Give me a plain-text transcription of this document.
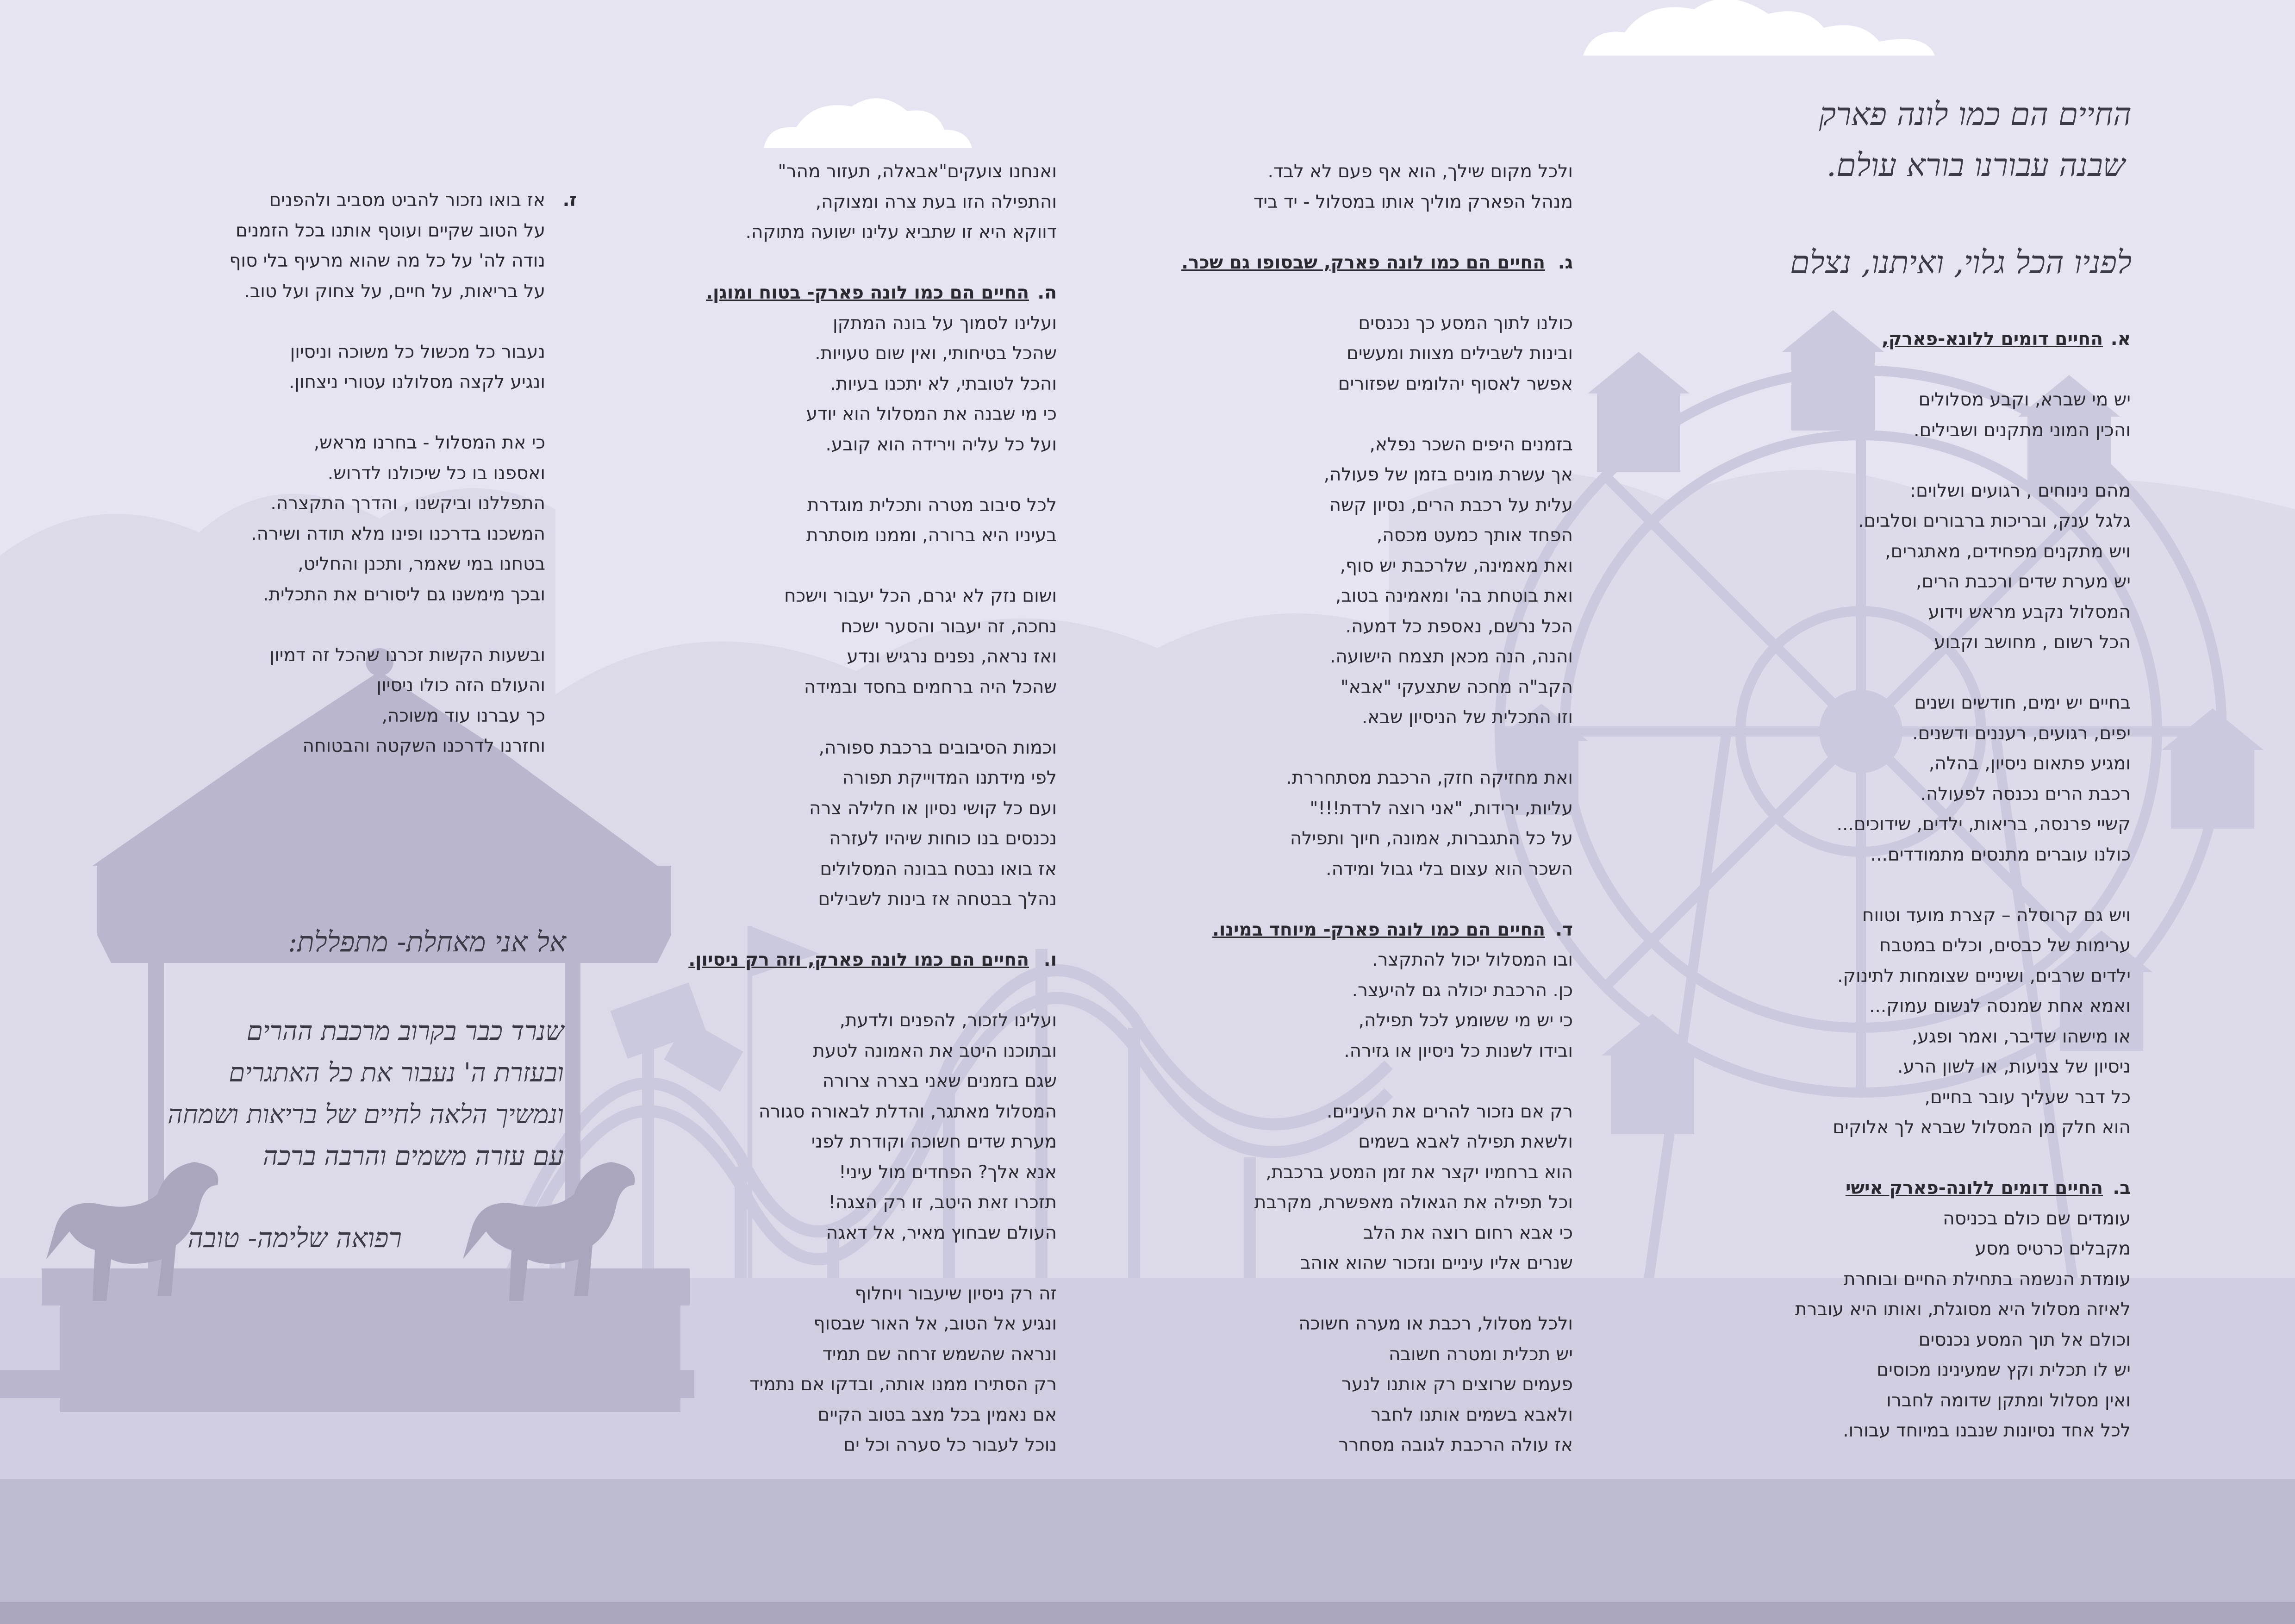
החיים הם כמו לונה פארק
שבנה עבורנו בורא עולם.
לפניו הכל גלוי, ואיתנו, נצלם
א.החיים דומים ללונא-פארק,
יש מי שברא, וקבע מסלולים
והכין המוני מתקנים ושבילים.
מהם נינוחים , רגועים ושלוים:
גלגל ענק, ובריכות ברבורים וסלבים.
ויש מתקנים מפחידים, מאתגרים,
יש מערת שדים ורכבת הרים,
המסלול נקבע מראש וידוע
הכל רשום , מחושב וקבוע
בחיים יש ימים, חודשים ושנים
יפים, רגועים, רעננים ודשנים.
ומגיע פתאום ניסיון, בהלה,
רכבת הרים נכנסה לפעולה.
קשיי פרנסה, בריאות, ילדים, שידוכים...
כולנו עוברים מתנסים מתמודדים...
ויש גם קרוסלה – קצרת מועד וטווח
ערימות של כבסים, וכלים במטבח
ילדים שרבים, ושיניים שצומחות לתינוק.
ואמא אחת שמנסה לנשום עמוק...
או מישהו שדיבר, ואמר ופגע,
ניסיון של צניעות, או לשון הרע.
כל דבר שעליך עובר בחיים,
הוא חלק מן המסלול שברא לך אלוקים
ב.החיים דומים ללונה-פארק אישי
עומדים שם כולם בכניסה
מקבלים כרטיס מסע
עומדת הנשמה בתחילת החיים ובוחרת
לאיזה מסלול היא מסוגלת, ואותו היא עוברת
וכולם אל תוך המסע נכנסים
יש לו תכלית וקץ שמעינינו מכוסים
ואין מסלול ומתקן שדומה לחברו
לכל אחד נסיונות שנבנו במיוחד עבורו.
ולכל מקום שילך, הוא אף פעם לא לבד.
מנהל הפארק מוליך אותו במסלול - יד ביד
ג.החיים הם כמו לונה פארק, שבסופו גם שכר.
כולנו לתוך המסע כך נכנסים
ובינות לשבילים מצוות ומעשים
אפשר לאסוף יהלומים שפזורים
בזמנים היפים השכר נפלא,
אך עשרת מונים בזמן של פעולה,
עלית על רכבת הרים, נסיון קשה
הפחד אותך כמעט מכסה,
ואת מאמינה, שלרכבת יש סוף,
ואת בוטחת בה' ומאמינה בטוב,
הכל נרשם, נאספת כל דמעה.
והנה, הנה מכאן תצמח הישועה.
הקב"ה מחכה שתצעקי "אבא"
וזו התכלית של הניסיון שבא.
ואת מחזיקה חזק, הרכבת מסתחררת.
עליות, ירידות, "אני רוצה לרדת!!!"
על כל התגברות, אמונה, חיוך ותפילה
השכר הוא עצום בלי גבול ומידה.
ד.החיים הם כמו לונה פארק- מיוחד במינו.
ובו המסלול יכול להתקצר.
כן. הרכבת יכולה גם להיעצר.
כי יש מי ששומע לכל תפילה,
ובידו לשנות כל ניסיון או גזירה.
רק אם נזכור להרים את העיניים.
ולשאת תפילה לאבא בשמים
הוא ברחמיו יקצר את זמן המסע ברכבת,
וכל תפילה את הגאולה מאפשרת, מקרבת
כי אבא רחום רוצה את הלב
שנרים אליו עיניים ונזכור שהוא אוהב
ולכל מסלול, רכבת או מערה חשוכה
יש תכלית ומטרה חשובה
פעמים שרוצים רק אותנו לנער
ולאבא בשמים אותנו לחבר
אז עולה הרכבת לגובה מסחרר
ואנחנו צועקים"אבאלה, תעזור מהר"
והתפילה הזו בעת צרה ומצוקה,
דווקא היא זו שתביא עלינו ישועה מתוקה.
ה.החיים הם כמו לונה פארק- בטוח ומוגן.
ועלינו לסמוך על בונה המתקן
שהכל בטיחותי, ואין שום טעויות.
והכל לטובתי, לא יתכנו בעיות.
כי מי שבנה את המסלול הוא יודע
ועל כל עליה וירידה הוא קובע.
לכל סיבוב מטרה ותכלית מוגדרת
בעיניו היא ברורה, וממנו מוסתרת
ושום נזק לא יגרם, הכל יעבור וישכח
נחכה, זה יעבור והסער ישכח
ואז נראה, נפנים נרגיש ונדע
שהכל היה ברחמים בחסד ובמידה
וכמות הסיבובים ברכבת ספורה,
לפי מידתנו המדוייקת תפורה
ועם כל קושי נסיון או חלילה צרה
נכנסים בנו כוחות שיהיו לעזרה
אז בואו נבטח בבונה המסלולים
נהלך בבטחה אז בינות לשבילים
ו.החיים הם כמו לונה פארק, וזה רק ניסיון.
ועלינו לזכור, להפנים ולדעת,
ובתוכנו היטב את האמונה לטעת
שגם בזמנים שאני בצרה צרורה
המסלול מאתגר, והדלת לבאורה סגורה
מערת שדים חשוכה וקודרת לפני
אנא אלך? הפחדים מול עיני!
תזכרו זאת היטב, זו רק הצגה!
העולם שבחוץ מאיר, אל דאגה
זה רק ניסיון שיעבור ויחלוף
ונגיע אל הטוב, אל האור שבסוף
ונראה שהשמש זרחה שם תמיד
רק הסתירו ממנו אותה, ובדקו אם נתמיד
אם נאמין בכל מצב בטוב הקיים
נוכל לעבור כל סערה וכל ים
ז.
אז בואו נזכור להביט מסביב ולהפנים
על הטוב שקיים ועוטף אותנו בכל הזמנים
נודה לה' על כל מה שהוא מרעיף בלי סוף
על בריאות, על חיים, על צחוק ועל טוב.
נעבור כל מכשול כל משוכה וניסיון
ונגיע לקצה מסלולנו עטורי ניצחון.
כי את המסלול - בחרנו מראש,
ואספנו בו כל שיכולנו לדרוש.
התפללנו וביקשנו , והדרך התקצרה.
המשכנו בדרכנו ופינו מלא תודה ושירה.
בטחנו במי שאמר, ותכנן והחליט,
ובכך מימשנו גם ליסורים את התכלית.
ובשעות הקשות זכרנו שהכל זה דמיון
והעולם הזה כולו ניסיון
כך עברנו עוד משוכה,
וחזרנו לדרכנו השקטה והבטוחה
אל אני מאחלת- מתפללת:
שנרד כבר בקרוב מרכבת ההרים
ובעזרת ה' נעבור את כל האתגרים
ונמשיך הלאה לחיים של בריאות ושמחה
עם עזרה משמים והרבה ברכה
רפואה שלימה- טובה
